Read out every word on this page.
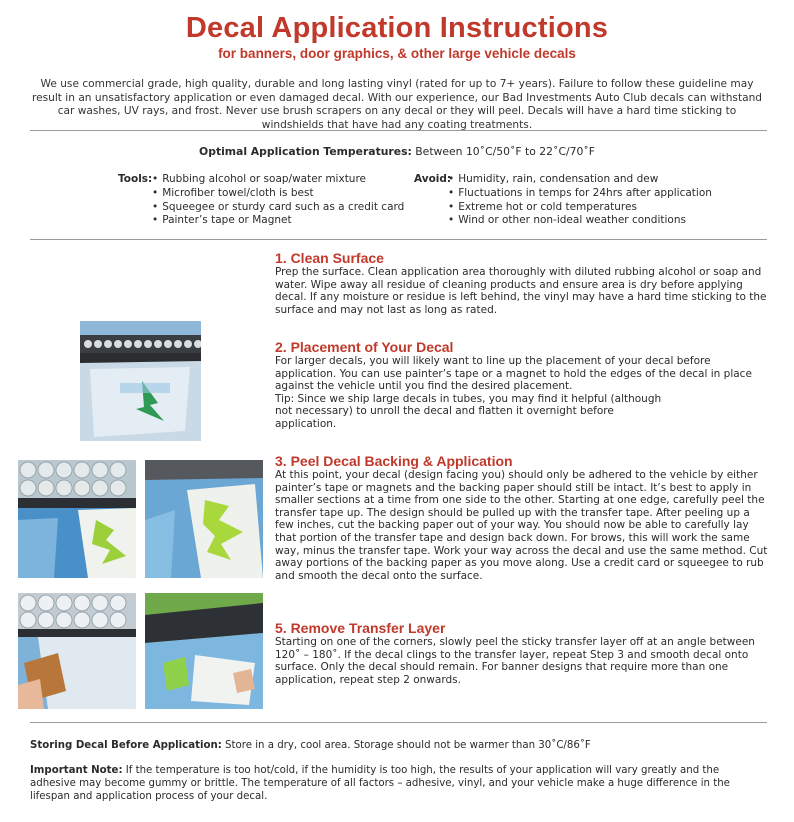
Decal Application Instructions
for banners, door graphics, & other large vehicle decals

We use commercial grade, high quality, durable and long lasting vinyl (rated for up to 7+ years). Failure to follow these guideline may result in an unsatisfactory application or even damaged decal. With our experience, our Bad Investments Auto Club decals can withstand car washes, UV rays, and frost. Never use brush scrapers on any decal or they will peel. Decals will have a hard time sticking to windshields that have had any coating treatments.

Optimal Application Temperatures: Between 10˚C/50˚F to 22˚C/70˚F
Tools: • Rubbing alcohol or soap/water mixture
• Microfiber towel/cloth is best
• Squeegee or sturdy card such as a credit card
• Painter’s tape or Magnet
Avoid: • Humidity, rain, condensation and dew
• Fluctuations in temps for 24hrs after application
• Extreme hot or cold temperatures
• Wind or other non-ideal weather conditions
1. Clean Surface

Prep the surface. Clean application area thoroughly with diluted rubbing alcohol or soap and water. Wipe away all residue of cleaning products and ensure area is dry before applying decal. If any moisture or residue is left behind, the vinyl may have a hard time sticking to the surface and may not last as long as rated.

2. Placement of Your Decal

For larger decals, you will likely want to line up the placement of your decal before application. You can use painter’s tape or a magnet to hold the edges of the decal in place against the vehicle until you find the desired placement.

Tip: Since we ship large decals in tubes, you may find it helpful (although not necessary) to unroll the decal and flatten it overnight before application.

3. Peel Decal Backing & Application

At this point, your decal (design facing you) should only be adhered to the vehicle by either painter’s tape or magnets and the backing paper should still be intact. It’s best to apply in smaller sections at a time from one side to the other. Starting at one edge, carefully peel the transfer tape up. The design should be pulled up with the transfer tape. After peeling up a few inches, cut the backing paper out of your way. You should now be able to carefully lay that portion of the transfer tape and design back down. For brows, this will work the same way, minus the transfer tape. Work your way across the decal and use the same method. Cut away portions of the backing paper as you move along. Use a credit card or squeegee to rub and smooth the decal onto the surface.

5. Remove Transfer Layer

Starting on one of the corners, slowly peel the sticky transfer layer off at an angle between 120˚ – 180˚. If the decal clings to the transfer layer, repeat Step 3 and smooth decal onto surface. Only the decal should remain. For banner designs that require more than one application, repeat step 2 onwards.

Storing Decal Before Application: Store in a dry, cool area. Storage should not be warmer than 30˚C/86˚F

Important Note: If the temperature is too hot/cold, if the humidity is too high, the results of your application will vary greatly and the adhesive may become gummy or brittle. The temperature of all factors – adhesive, vinyl, and your vehicle make a huge difference in the lifespan and application process of your decal.
